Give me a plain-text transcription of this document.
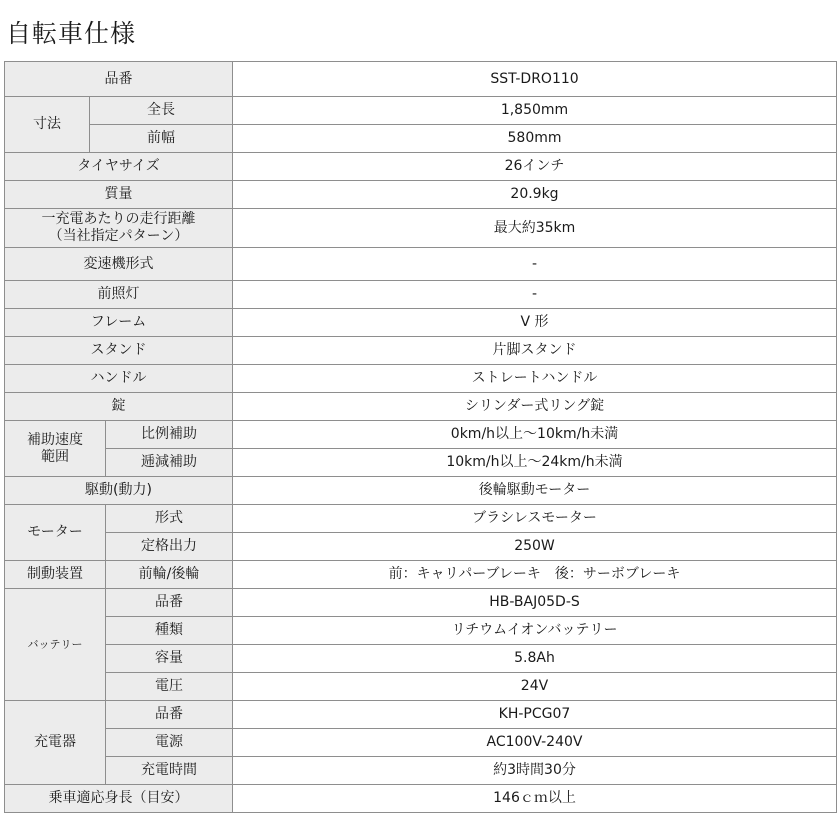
自転車仕様
品番			SST-DRO110
寸法	全長		1,850mm
	前幅		580mm
タイヤサイズ			26インチ
質量			20.9kg

一充電あたりの走行距離
（当社指定パターン）			最大約35km
変速機形式			-
前照灯			-
フレーム			V 形
スタンド			片脚スタンド
ハンドル			ストレートハンドル
錠			シリンダー式リング錠

補助速度
範囲		比例補助	0km/h以上～10km/h未満
		逓減補助	10km/h以上～24km/h未満
駆動(動力)			後輪駆動モーター
モーター		形式	ブラシレスモーター
		定格出力	250W
制動装置		前輪/後輪	前：キャリパーブレーキ　後：サーボブレーキ
バッテリー		品番	HB-BAJ05D-S
		種類	リチウムイオンバッテリー
		容量	5.8Ah
		電圧	24V
充電器		品番	KH-PCG07
		電源	AC100V-240V
		充電時間	約3時間30分
乗車適応身長（目安）			146ｃｍ以上
